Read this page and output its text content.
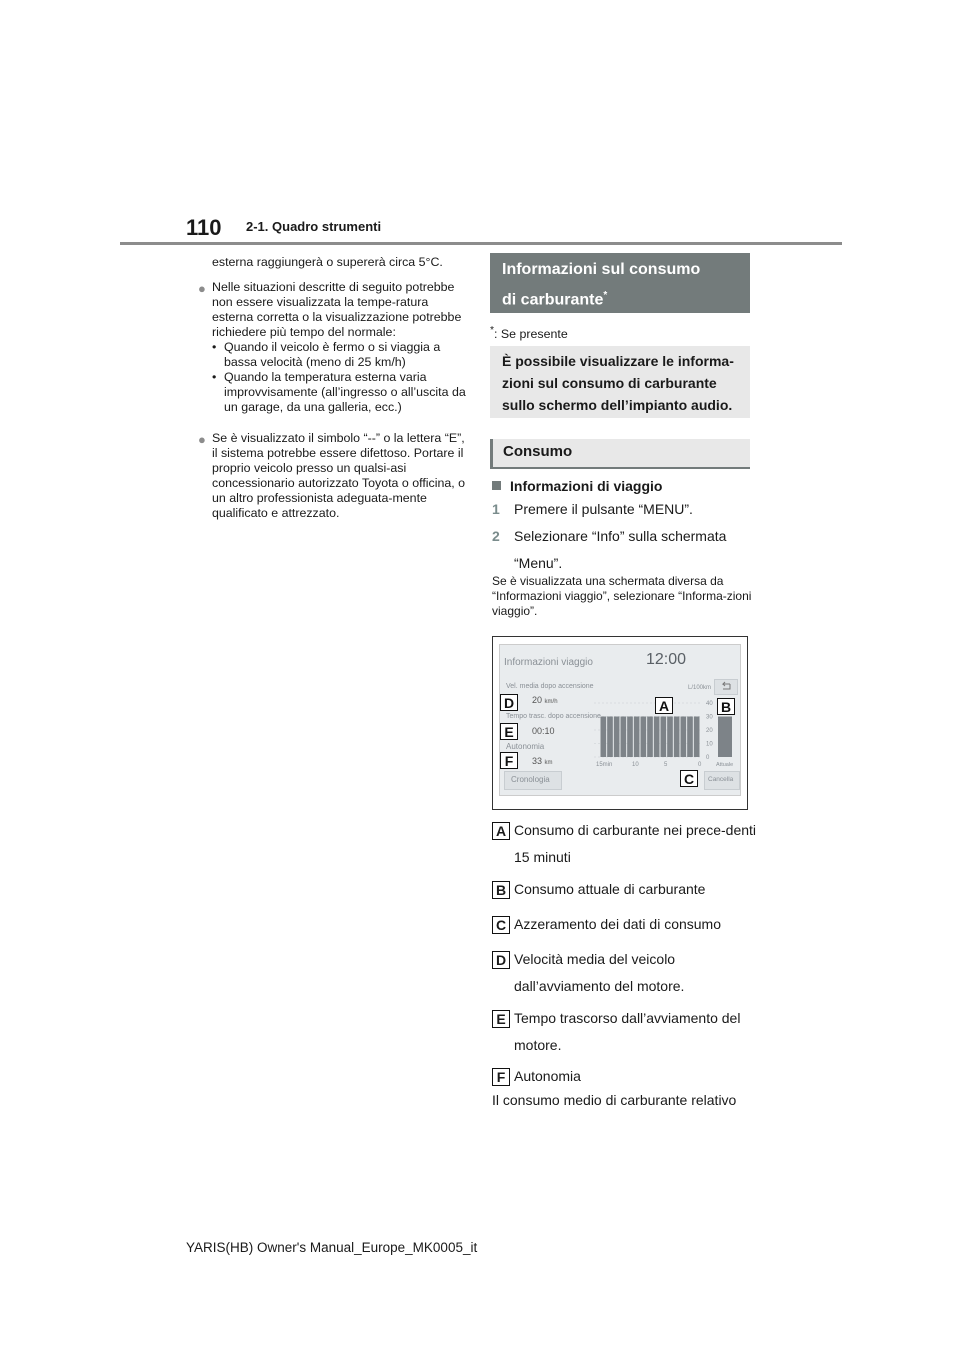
110 2-1. Quadro strumenti
esterna raggiungerà o supererà circa 5°C.
● Nelle situazioni descritte di seguito potrebbe non essere visualizzata la tempe-ratura esterna corretta o la visualizzazione potrebbe richiedere più tempo del normale:
• Quando il veicolo è fermo o si viaggia a bassa velocità (meno di 25 km/h)
• Quando la temperatura esterna varia improvvisamente (all’ingresso o all’uscita da un garage, da una galleria, ecc.)
● Se è visualizzato il simbolo “--” o la lettera “E”, il sistema potrebbe essere difettoso. Portare il proprio veicolo presso un qualsi-asi concessionario autorizzato Toyota o officina, o un altro professionista adeguata-mente qualificato e attrezzato.
Informazioni sul consumo
di carburante*
*: Se presente
È possibile visualizzare le informa-zioni sul consumo di carburante sullo schermo dell’impianto audio.
Consumo
Informazioni di viaggio
1	Premere il pulsante “MENU”.
2	Selezionare “Info” sulla schermata “Menu”.
Se è visualizzata una schermata diversa da “Informazioni viaggio”, selezionare “Informa-zioni viaggio”.
Informazioni viaggio	12:00
Vel. media dopo accensione
20 km/h
Tempo trasc. dopo accensione
00:10
Autonomia
33 km
Cronologia	Cancella
L/100km
40
30
20
10
0
15min	10	5	0	Attuale
A	B
C
D
E
F
A Consumo di carburante nei prece-denti 15 minuti
B Consumo attuale di carburante
C Azzeramento dei dati di consumo
D Velocità media del veicolo dall’avviamento del motore.
E Tempo trascorso dall’avviamento del motore.
F Autonomia
Il consumo medio di carburante relativo
YARIS(HB) Owner's Manual_Europe_MK0005_it
